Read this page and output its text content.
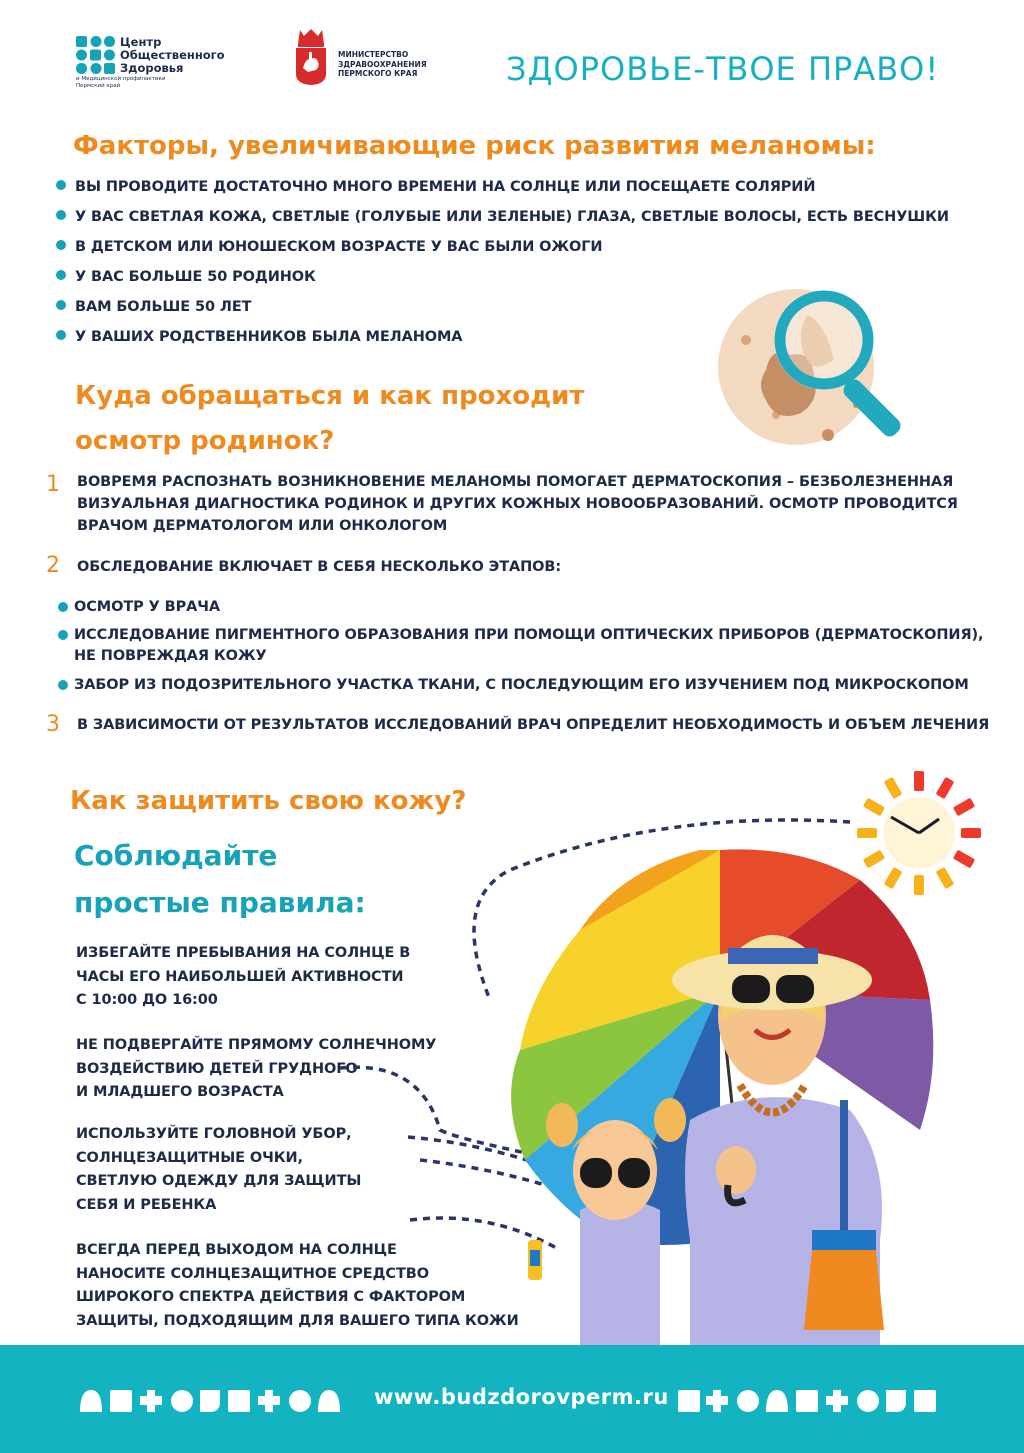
Центр
Общественного
Здоровья
и Медицинской профилактики
Пермский край
МИНИСТЕРСТВО
ЗДРАВООХРАНЕНИЯ
ПЕРМСКОГО КРАЯ	ЗДОРОВЬЕ-ТВОЕ ПРАВО!
Факторы, увеличивающие риск развития меланомы:
ВЫ ПРОВОДИТЕ ДОСТАТОЧНО МНОГО ВРЕМЕНИ НА СОЛНЦЕ ИЛИ ПОСЕЩАЕТЕ СОЛЯРИЙ
У ВАС СВЕТЛАЯ КОЖА, СВЕТЛЫЕ (ГОЛУБЫЕ ИЛИ ЗЕЛЕНЫЕ) ГЛАЗА, СВЕТЛЫЕ ВОЛОСЫ, ЕСТЬ ВЕСНУШКИ
В ДЕТСКОМ ИЛИ ЮНОШЕСКОМ ВОЗРАСТЕ У ВАС БЫЛИ ОЖОГИ
У ВАС БОЛЬШЕ 50 РОДИНОК
ВАМ БОЛЬШЕ 50 ЛЕТ
У ВАШИХ РОДСТВЕННИКОВ БЫЛА МЕЛАНОМА
Куда обращаться и как проходит
осмотр родинок?
1 ВОВРЕМЯ РАСПОЗНАТЬ ВОЗНИКНОВЕНИЕ МЕЛАНОМЫ ПОМОГАЕТ ДЕРМАТОСКОПИЯ – БЕЗБОЛЕЗНЕННАЯ
ВИЗУАЛЬНАЯ ДИАГНОСТИКА РОДИНОК И ДРУГИХ КОЖНЫХ НОВООБРАЗОВАНИЙ. ОСМОТР ПРОВОДИТСЯ
ВРАЧОМ ДЕРМАТОЛОГОМ ИЛИ ОНКОЛОГОМ
2 ОБСЛЕДОВАНИЕ ВКЛЮЧАЕТ В СЕБЯ НЕСКОЛЬКО ЭТАПОВ:
ОСМОТР У ВРАЧА
ИССЛЕДОВАНИЕ ПИГМЕНТНОГО ОБРАЗОВАНИЯ ПРИ ПОМОЩИ ОПТИЧЕСКИХ ПРИБОРОВ (ДЕРМАТОСКОПИЯ),
НЕ ПОВРЕЖДАЯ КОЖУ
ЗАБОР ИЗ ПОДОЗРИТЕЛЬНОГО УЧАСТКА ТКАНИ, С ПОСЛЕДУЮЩИМ ЕГО ИЗУЧЕНИЕМ ПОД МИКРОСКОПОМ
3 В ЗАВИСИМОСТИ ОТ РЕЗУЛЬТАТОВ ИССЛЕДОВАНИЙ ВРАЧ ОПРЕДЕЛИТ НЕОБХОДИМОСТЬ И ОБЪЕМ ЛЕЧЕНИЯ
Как защитить свою кожу?
Соблюдайте
простые правила:
ИЗБЕГАЙТЕ ПРЕБЫВАНИЯ НА СОЛНЦЕ В
ЧАСЫ ЕГО НАИБОЛЬШЕЙ АКТИВНОСТИ
С 10:00 ДО 16:00
НЕ ПОДВЕРГАЙТЕ ПРЯМОМУ СОЛНЕЧНОМУ
ВОЗДЕЙСТВИЮ ДЕТЕЙ ГРУДНОГО
И МЛАДШЕГО ВОЗРАСТА
ИСПОЛЬЗУЙТЕ ГОЛОВНОЙ УБОР,
СОЛНЦЕЗАЩИТНЫЕ ОЧКИ,
СВЕТЛУЮ ОДЕЖДУ ДЛЯ ЗАЩИТЫ
СЕБЯ И РЕБЕНКА
ВСЕГДА ПЕРЕД ВЫХОДОМ НА СОЛНЦЕ
НАНОСИТЕ СОЛНЦЕЗАЩИТНОЕ СРЕДСТВО
ШИРОКОГО СПЕКТРА ДЕЙСТВИЯ С ФАКТОРОМ
ЗАЩИТЫ, ПОДХОДЯЩИМ ДЛЯ ВАШЕГО ТИПА КОЖИ
www.budzdorovperm.ru
